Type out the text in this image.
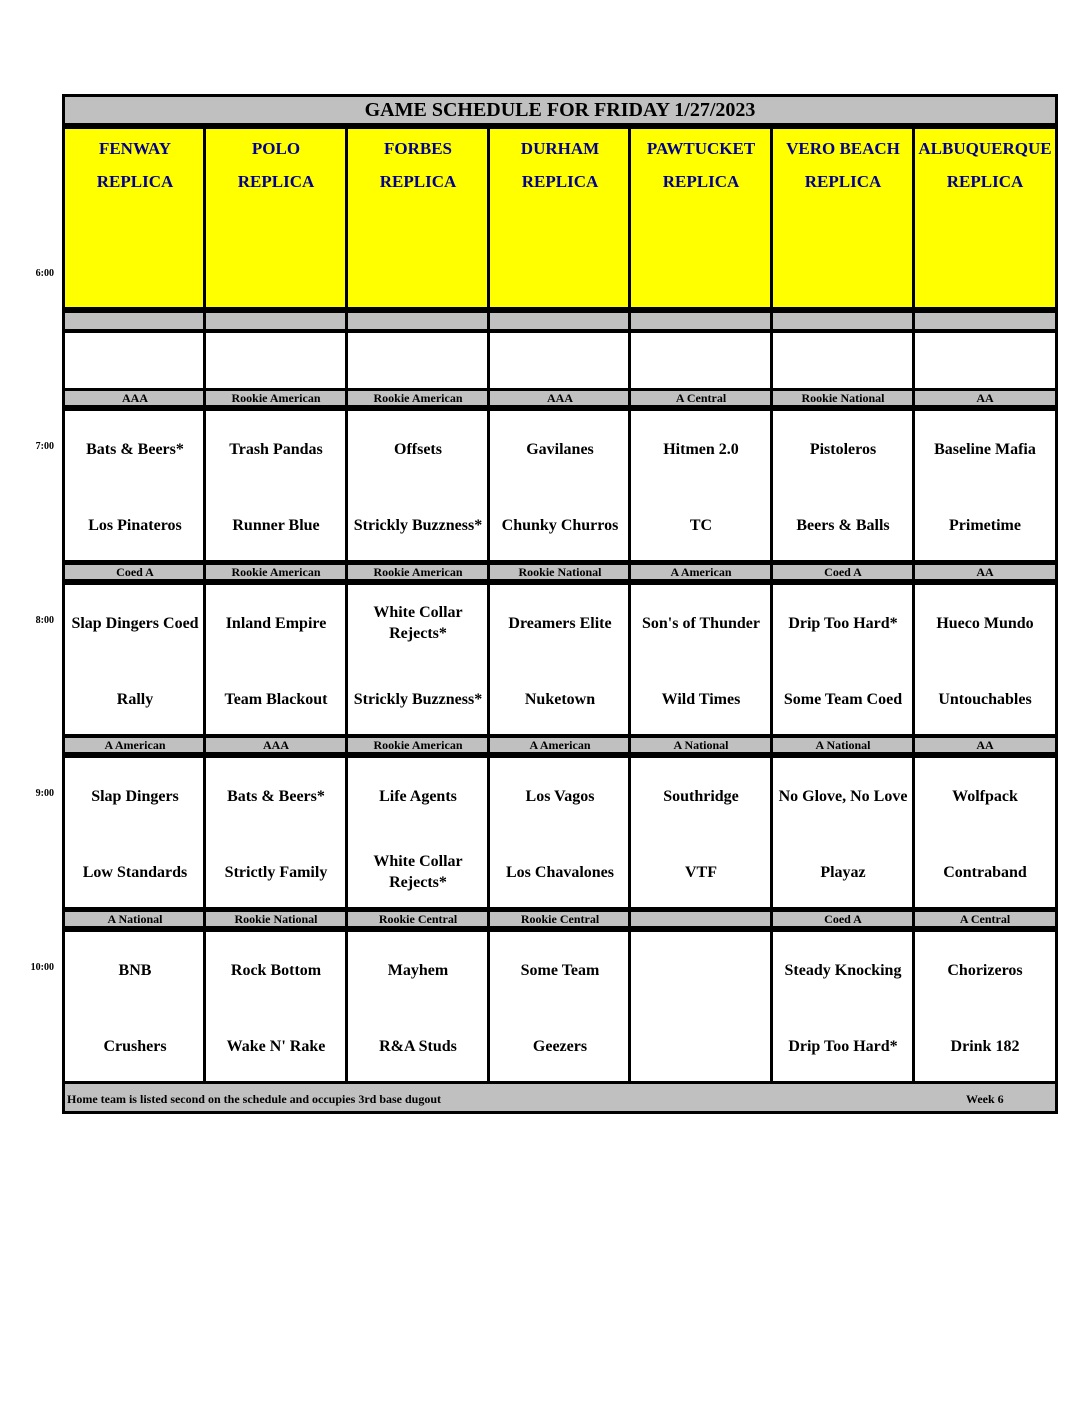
6:00
7:00
8:00
9:00
10:00
GAME SCHEDULE FOR FRIDAY 1/27/2023
Home team is listed second on the schedule and occupies 3rd base dugout	Week 6
FENWAY
REPLICA
POLO
REPLICA
FORBES
REPLICA
DURHAM
REPLICA
PAWTUCKET
REPLICA
VERO BEACH
REPLICA
ALBUQUERQUE
REPLICA
AAA
Bats & Beers*
Los Pinateros
Rookie American
Trash Pandas
Runner Blue
Rookie American
Offsets
Strickly Buzzness*
AAA
Gavilanes
Chunky Churros
A Central
Hitmen 2.0
TC
Rookie National
Pistoleros
Beers & Balls
AA
Baseline Mafia
Primetime
Coed A
Slap Dingers Coed
Rally
Rookie American
Inland Empire
Team Blackout
Rookie American
White Collar Rejects*
Strickly Buzzness*
Rookie National
Dreamers Elite
Nuketown
A American
Son's of Thunder
Wild Times
Coed A
Drip Too Hard*
Some Team Coed
AA
Hueco Mundo
Untouchables
A American
Slap Dingers
Low Standards
AAA
Bats & Beers*
Strictly Family
Rookie American
Life Agents
White Collar Rejects*
A American
Los Vagos
Los Chavalones
A National
Southridge
VTF
A National
No Glove, No Love
Playaz
AA
Wolfpack
Contraband
A National
BNB
Crushers
Rookie National
Rock Bottom
Wake N' Rake
Rookie Central
Mayhem
R&A Studs
Rookie Central
Some Team
Geezers
Coed A
Steady Knocking
Drip Too Hard*
A Central
Chorizeros
Drink 182
